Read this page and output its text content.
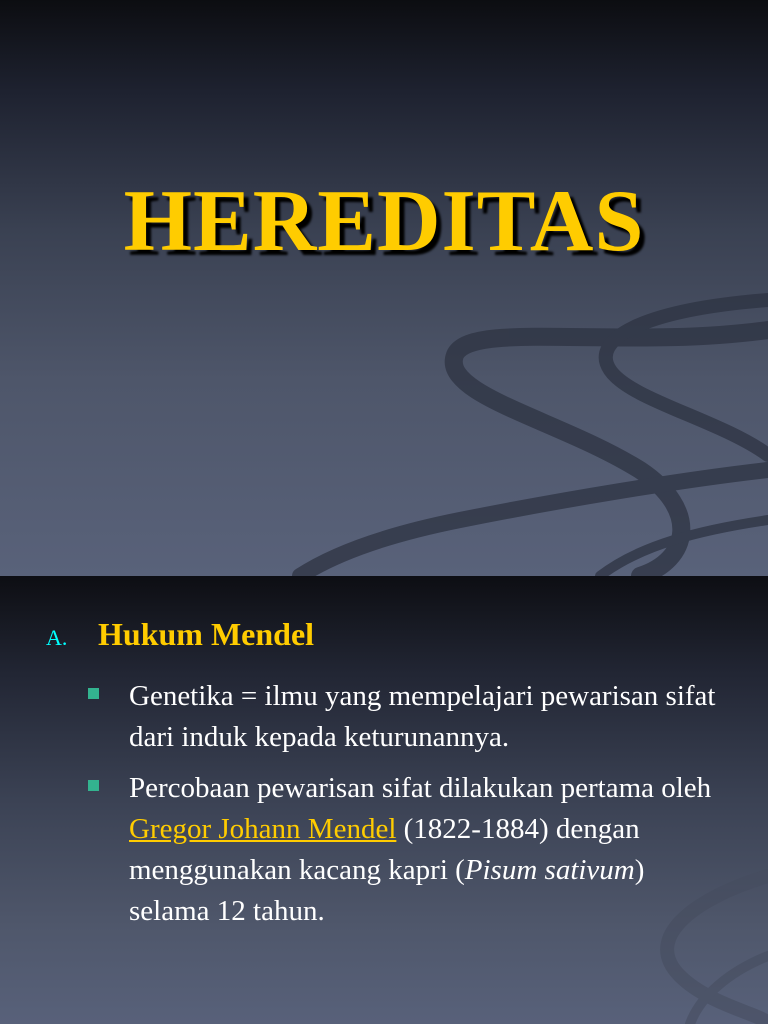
HEREDITAS
A. Hukum Mendel
Genetika = ilmu yang mempelajari pewarisan sifat dari induk kepada keturunannya.
Percobaan pewarisan sifat dilakukan pertama oleh Gregor Johann Mendel (1822-1884) dengan menggunakan kacang kapri (Pisum sativum) selama 12 tahun.
